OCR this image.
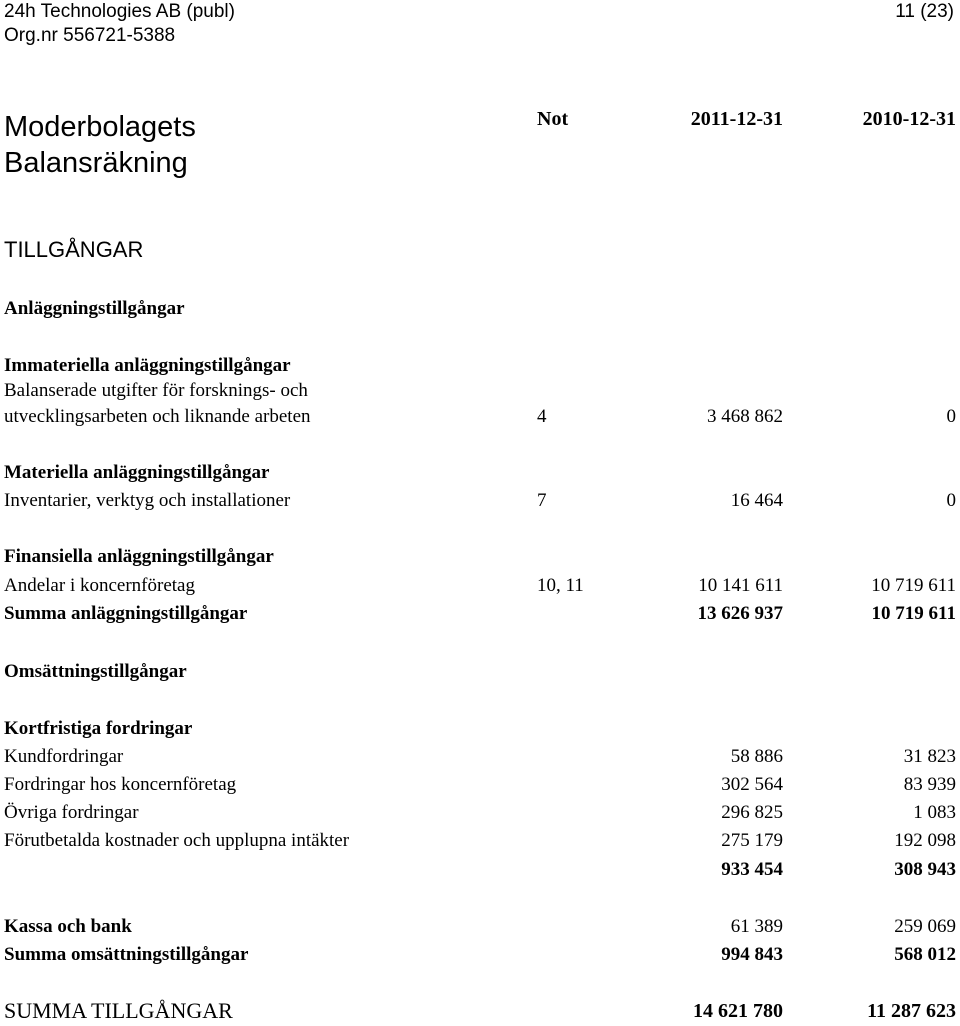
24h Technologies AB (publ)
Org.nr 556721-5388
11 (23)
Moderbolagets
Balansräkning
Not	2011-12-31	2010-12-31
TILLGÅNGAR
Anläggningstillgångar
Immateriella anläggningstillgångar
Balanserade utgifter för forsknings- och
utvecklingsarbeten och liknande arbeten	4	3 468 862	0
Materiella anläggningstillgångar
Inventarier, verktyg och installationer	7	16 464	0
Finansiella anläggningstillgångar
Andelar i koncernföretag	10, 11	10 141 611	10 719 611
Summa anläggningstillgångar	13 626 937	10 719 611
Omsättningstillgångar
Kortfristiga fordringar
Kundfordringar	58 886	31 823
Fordringar hos koncernföretag	302 564	83 939
Övriga fordringar	296 825	1 083
Förutbetalda kostnader och upplupna intäkter	275 179	192 098
933 454	308 943
Kassa och bank	61 389	259 069
Summa omsättningstillgångar	994 843	568 012
SUMMA TILLGÅNGAR	14 621 780	11 287 623
